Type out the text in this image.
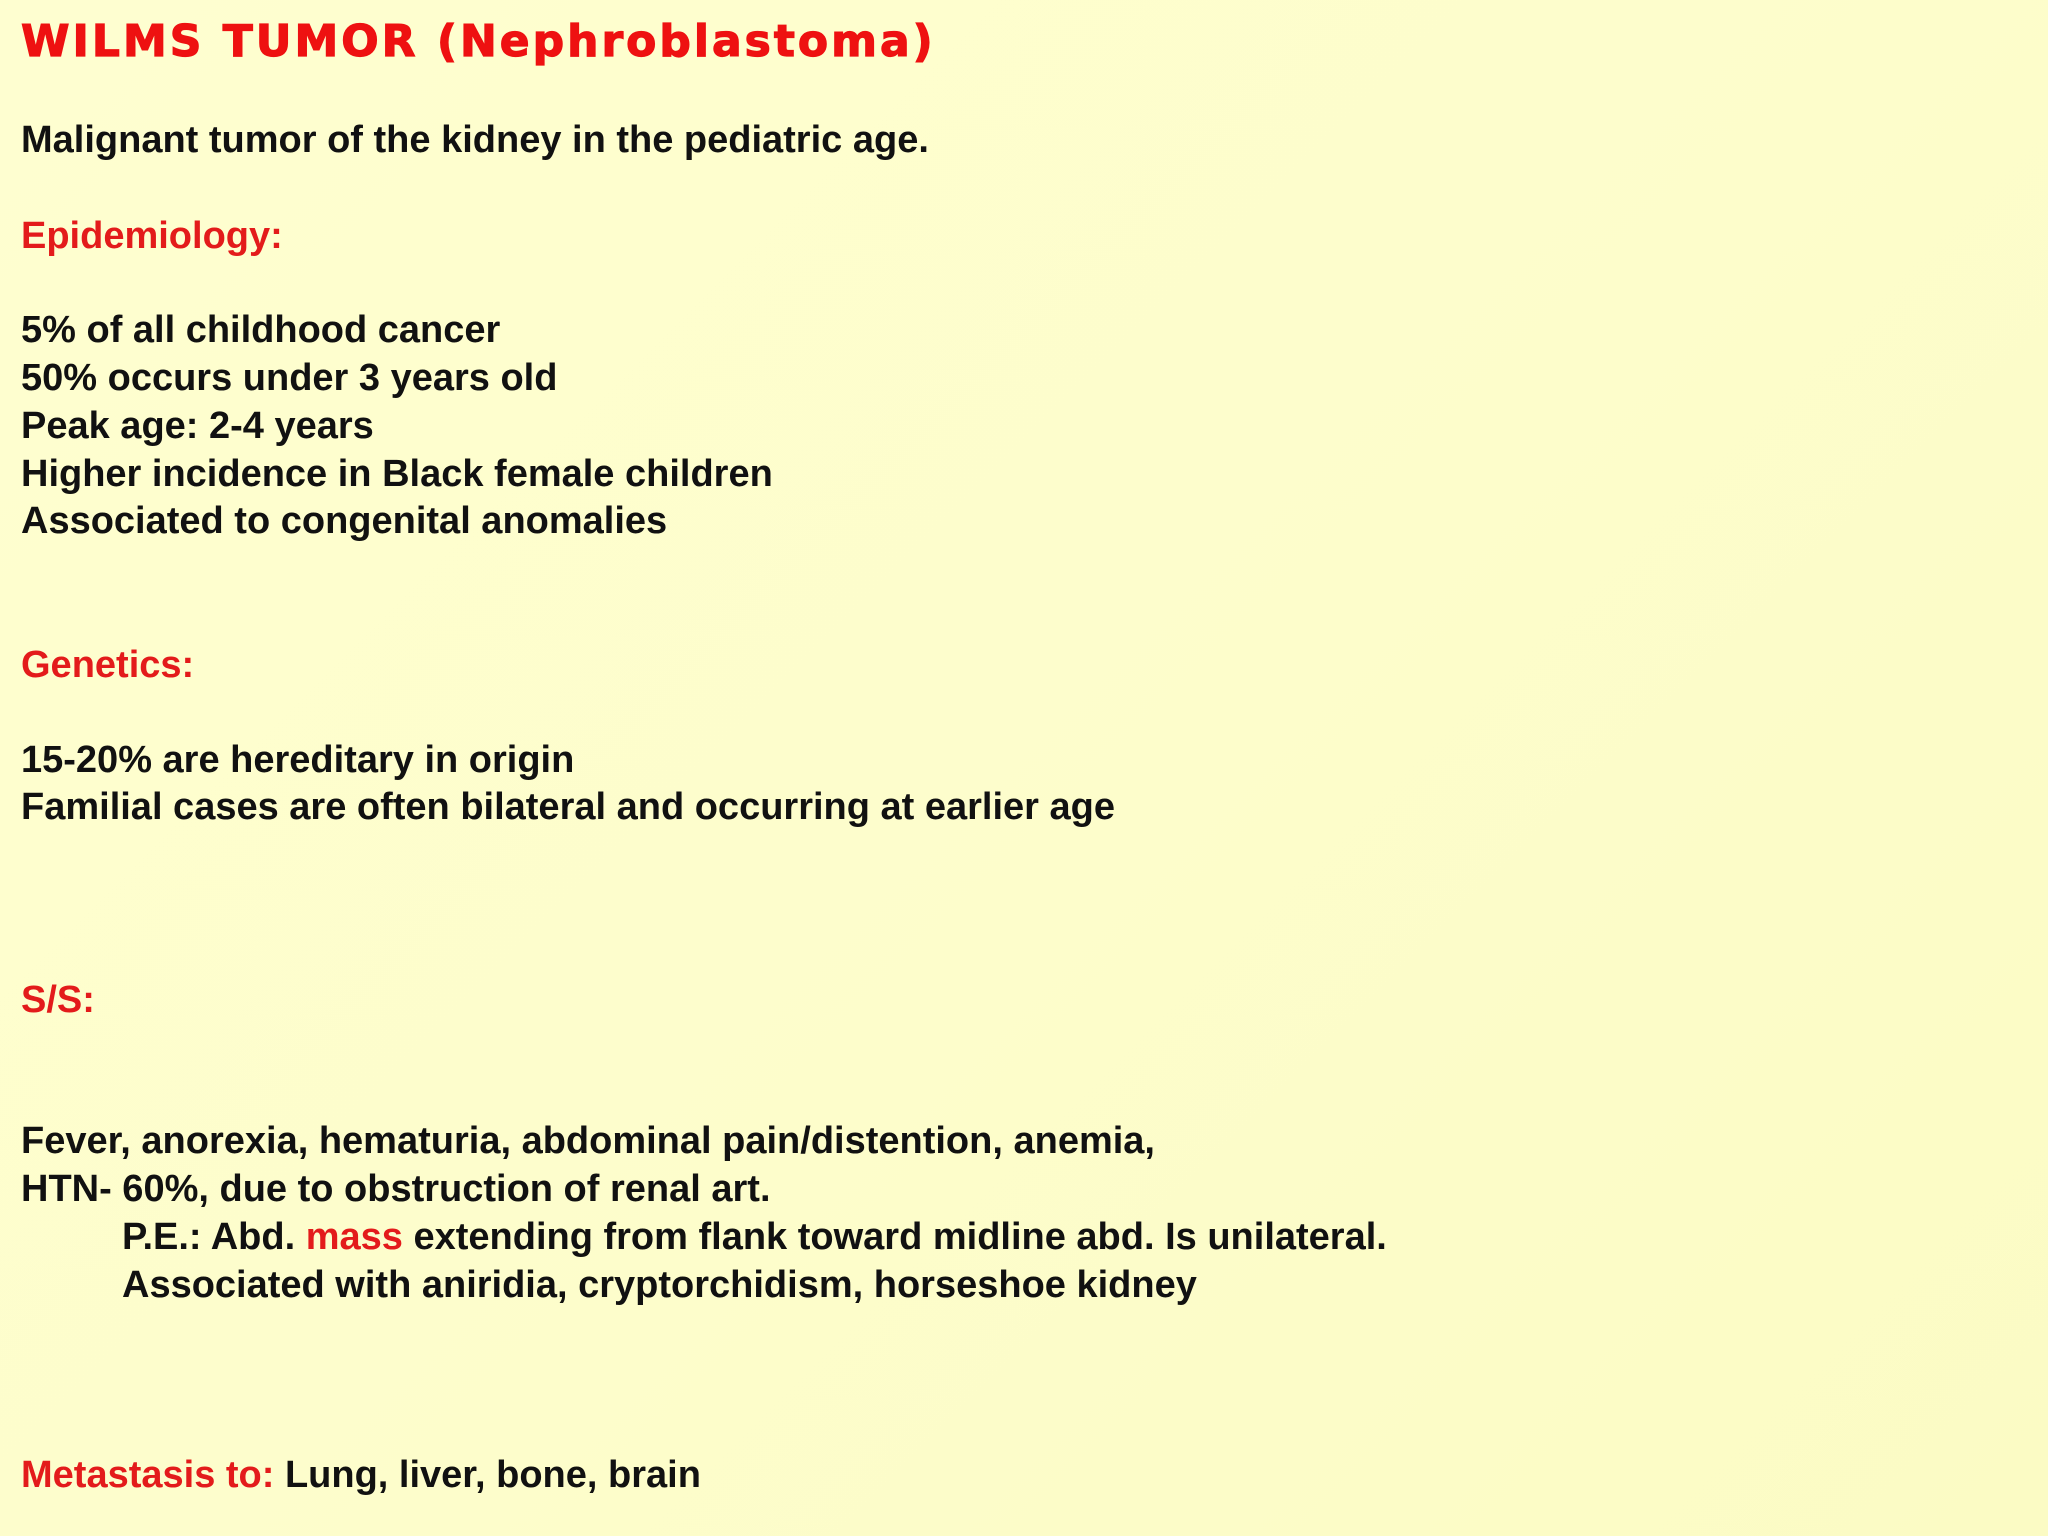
WILMS TUMOR (Nephroblastoma)

Malignant tumor of the kidney in the pediatric age.

Epidemiology:

5% of all childhood cancer

50% occurs under 3 years old

Peak age: 2-4 years

Higher incidence in Black female children

Associated to congenital anomalies

Genetics:

15-20% are hereditary in origin

Familial cases are often bilateral and occurring at earlier age

S/S:

Fever, anorexia, hematuria, abdominal pain/distention, anemia,

HTN- 60%, due to obstruction of renal art.

P.E.: Abd. mass extending from flank toward midline abd. Is unilateral.

Associated with aniridia, cryptorchidism, horseshoe kidney

Metastasis to: Lung, liver, bone, brain
